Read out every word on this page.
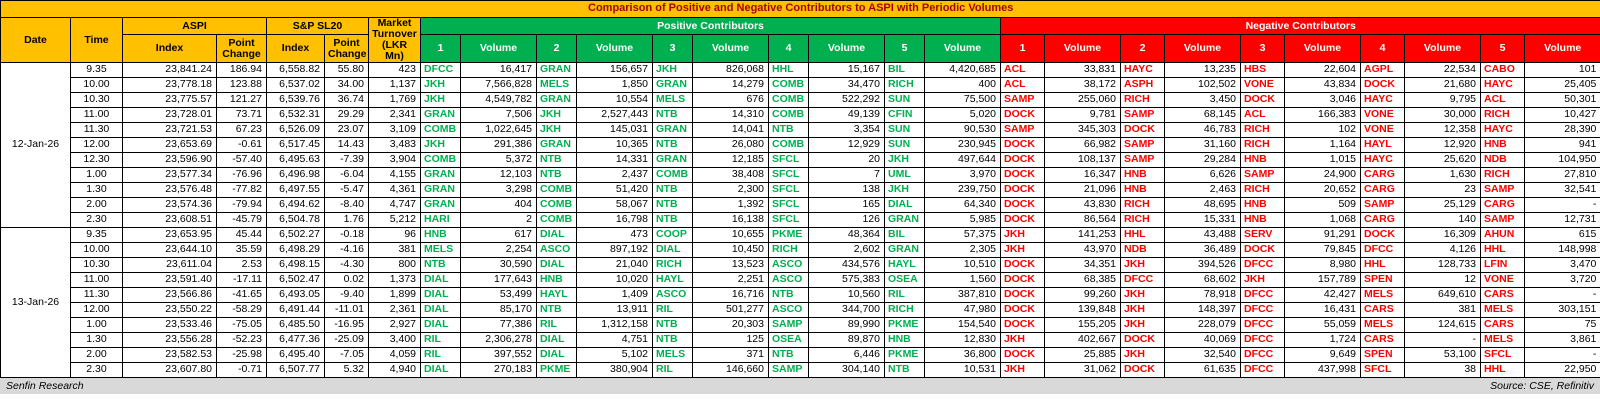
Comparison of Positive and Negative Contributors to ASPI with Periodic Volumes																										
Date	Time	ASPI		S&P SL20		Market Turnover (LKR Mn)	Positive Contributors										Negative Contributors									
		Index	Point Change	Index	Point Change		1	Volume	2	Volume	3	Volume	4	Volume	5	Volume	1	Volume	2	Volume	3	Volume	4	Volume	5	Volume
12-Jan-26	9.35	23,841.24	186.94	6,558.82	55.80	423	DFCC	16,417	GRAN	156,657	JKH	826,068	HHL	15,167	BIL	4,420,685	ACL	33,831	HAYC	13,235	HBS	22,604	AGPL	22,534	CABO	101
	10.00	23,778.18	123.88	6,537.02	34.00	1,137	JKH	7,566,828	MELS	1,850	GRAN	14,279	COMB	34,470	RICH	400	ACL	38,172	ASPH	102,502	VONE	43,834	DOCK	21,680	HAYC	25,405
	10.30	23,775.57	121.27	6,539.76	36.74	1,769	JKH	4,549,782	GRAN	10,554	MELS	676	COMB	522,292	SUN	75,500	SAMP	255,060	RICH	3,450	DOCK	3,046	HAYC	9,795	ACL	50,301
	11.00	23,728.01	73.71	6,532.31	29.29	2,341	GRAN	7,506	JKH	2,527,443	NTB	14,310	COMB	49,139	CFIN	5,020	DOCK	9,781	SAMP	68,145	ACL	166,383	VONE	30,000	RICH	10,427
	11.30	23,721.53	67.23	6,526.09	23.07	3,109	COMB	1,022,645	JKH	145,031	GRAN	14,041	NTB	3,354	SUN	90,530	SAMP	345,303	DOCK	46,783	RICH	102	VONE	12,358	HAYC	28,390
	12.00	23,653.69	-0.61	6,517.45	14.43	3,483	JKH	291,386	GRAN	10,365	NTB	26,080	COMB	12,929	SUN	230,945	DOCK	66,982	SAMP	31,160	RICH	1,164	HAYL	12,920	HNB	941
	12.30	23,596.90	-57.40	6,495.63	-7.39	3,904	COMB	5,372	NTB	14,331	GRAN	12,185	SFCL	20	JKH	497,644	DOCK	108,137	SAMP	29,284	HNB	1,015	HAYC	25,620	NDB	104,950
	1.00	23,577.34	-76.96	6,496.98	-6.04	4,155	GRAN	12,103	NTB	2,437	COMB	38,408	SFCL	7	UML	3,970	DOCK	16,347	HNB	6,626	SAMP	24,900	CARG	1,630	RICH	27,810
	1.30	23,576.48	-77.82	6,497.55	-5.47	4,361	GRAN	3,298	COMB	51,420	NTB	2,300	SFCL	138	JKH	239,750	DOCK	21,096	HNB	2,463	RICH	20,652	CARG	23	SAMP	32,541
	2.00	23,574.36	-79.94	6,494.62	-8.40	4,747	GRAN	404	COMB	58,067	NTB	1,392	SFCL	165	DIAL	64,340	DOCK	43,830	RICH	48,695	HNB	509	SAMP	25,129	CARG	-
	2.30	23,608.51	-45.79	6,504.78	1.76	5,212	HARI	2	COMB	16,798	NTB	16,138	SFCL	126	GRAN	5,985	DOCK	86,564	RICH	15,331	HNB	1,068	CARG	140	SAMP	12,731
13-Jan-26	9.35	23,653.95	45.44	6,502.27	-0.18	96	HNB	617	DIAL	473	COOP	10,655	PKME	48,364	BIL	57,375	JKH	141,253	HHL	43,488	SERV	91,291	DOCK	16,309	AHUN	615
	10.00	23,644.10	35.59	6,498.29	-4.16	381	MELS	2,254	ASCO	897,192	DIAL	10,450	RICH	2,602	GRAN	2,305	JKH	43,970	NDB	36,489	DOCK	79,845	DFCC	4,126	HHL	148,998
	10.30	23,611.04	2.53	6,498.15	-4.30	800	NTB	30,590	DIAL	21,040	RICH	13,523	ASCO	434,576	HAYL	10,510	DOCK	34,351	JKH	394,526	DFCC	8,980	HHL	128,733	LFIN	3,470
	11.00	23,591.40	-17.11	6,502.47	0.02	1,373	DIAL	177,643	HNB	10,020	HAYL	2,251	ASCO	575,383	OSEA	1,560	DOCK	68,385	DFCC	68,602	JKH	157,789	SPEN	12	VONE	3,720
	11.30	23,566.86	-41.65	6,493.05	-9.40	1,899	DIAL	53,499	HAYL	1,409	ASCO	16,716	NTB	10,560	RIL	387,810	DOCK	99,260	JKH	78,918	DFCC	42,427	MELS	649,610	CARS	-
	12.00	23,550.22	-58.29	6,491.44	-11.01	2,361	DIAL	85,170	NTB	13,911	RIL	501,277	ASCO	344,700	RICH	47,980	DOCK	139,848	JKH	148,397	DFCC	16,431	CARS	381	MELS	303,151
	1.00	23,533.46	-75.05	6,485.50	-16.95	2,927	DIAL	77,386	RIL	1,312,158	NTB	20,303	SAMP	89,990	PKME	154,540	DOCK	155,205	JKH	228,079	DFCC	55,059	MELS	124,615	CARS	75
	1.30	23,556.28	-52.23	6,477.36	-25.09	3,400	RIL	2,306,278	DIAL	4,751	NTB	125	OSEA	89,870	HNB	12,830	JKH	402,667	DOCK	40,069	DFCC	1,724	CARS	-	MELS	3,861
	2.00	23,582.53	-25.98	6,495.40	-7.05	4,059	RIL	397,552	DIAL	5,102	MELS	371	NTB	6,446	PKME	36,800	DOCK	25,885	JKH	32,540	DFCC	9,649	SPEN	53,100	SFCL	-
	2.30	23,607.80	-0.71	6,507.77	5.32	4,940	DIAL	270,183	PKME	380,904	RIL	146,660	SAMP	304,140	NTB	10,531	JKH	31,062	DOCK	61,635	DFCC	437,998	SFCL	38	HHL	22,950
Senfin Research	Source: CSE, Refinitiv
